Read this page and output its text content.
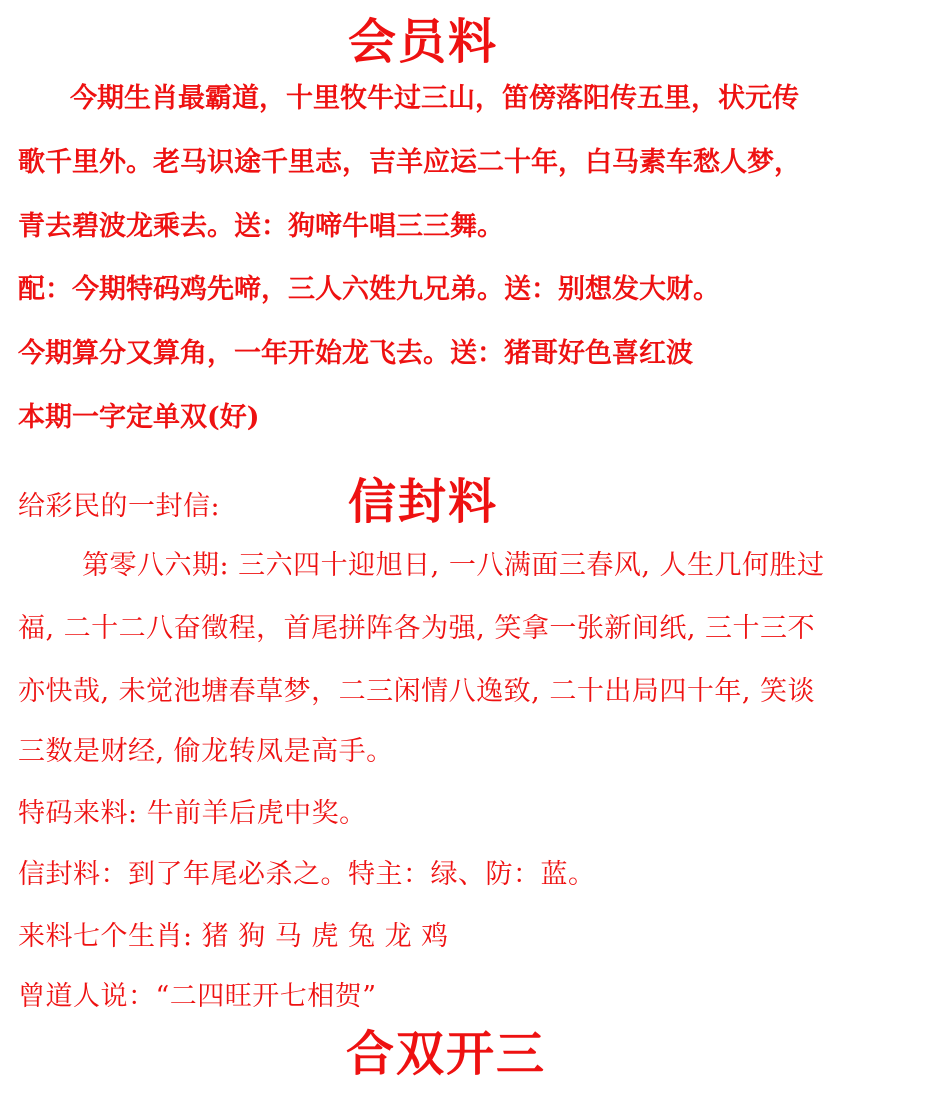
会员料
今期生肖最霸道，十里牧牛过三山，笛傍落阳传五里，状元传
歌千里外。老马识途千里志，吉羊应运二十年，白马素车愁人梦，
青去碧波龙乘去。送：狗啼牛唱三三舞。
配：今期特码鸡先啼，三人六姓九兄弟。送：别想发大财。
今期算分又算角，一年开始龙飞去。送：猪哥好色喜红波
本期一字定单双(好)
给彩民的一封信:	信封料
第零八六期: 三六四十迎旭日, 一八满面三春风, 人生几何胜过
福, 二十二八奋徵程，首尾拼阵各为强, 笑拿一张新间纸, 三十三不
亦快哉, 未觉池塘春草梦，二三闲情八逸致, 二十出局四十年, 笑谈
三数是财经, 偷龙转凤是高手。
特码来料: 牛前羊后虎中奖。
信封料：到了年尾必杀之。特主：绿、防：蓝。
来料七个生肖: 猪 狗 马 虎 兔 龙 鸡
曾道人说：“二四旺开七相贺”
合双开三
